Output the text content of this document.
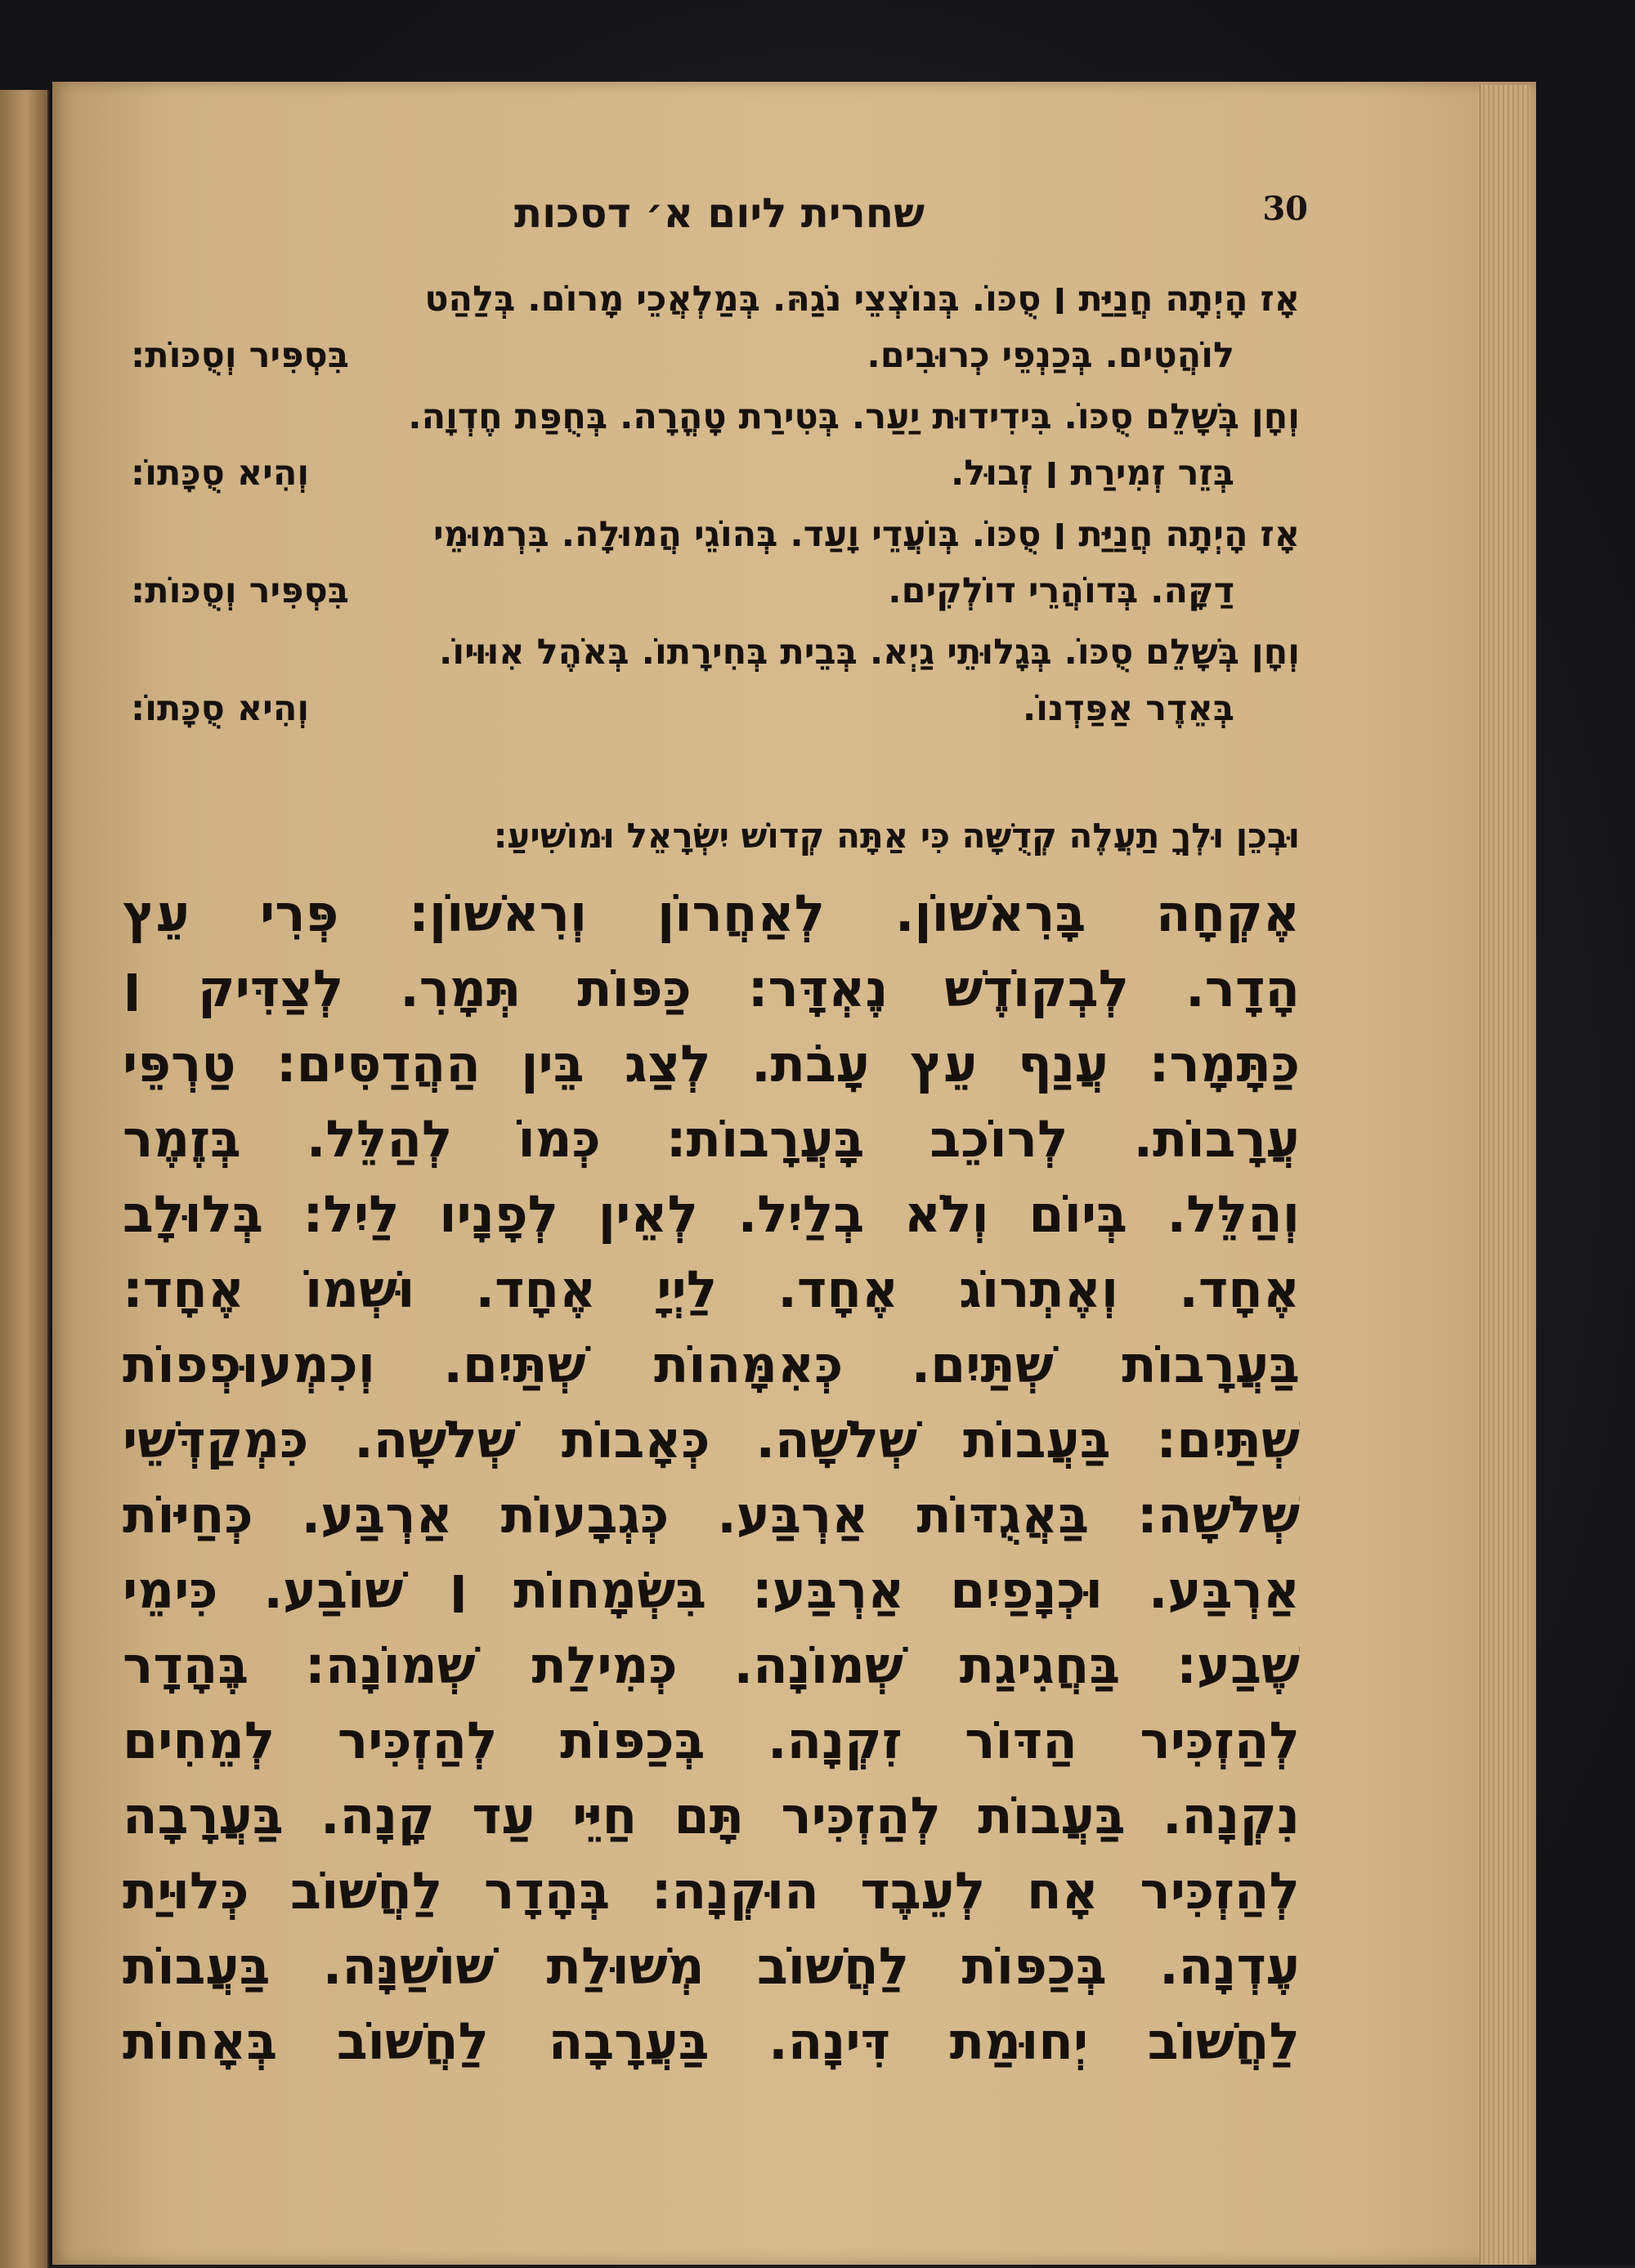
שחרית ליום א׳ דסכות	30
אָז הָיְתָה חֲנַיַּת ׀ סֻכּוֹ. בְּנוֹצְצֵי נֹגַהּ. בְּמַלְאֲכֵי מָרוֹם. בְּלַהַט
לוֹהֲטִים. בְּכַנְפֵי כְרוּבִים.
בִּסְפִּיר וְסֻכּוֹת:
וְחָן בְּשָׁלֵם סֻכּוֹ. בִּידִידוּת יַעַר. בְּטִירַת טָהֳרָה. בְּחֻפַּת חֶדְוָה.
בְּזֵר זְמִירַת ׀ זְבוּל.
וְהִיא סֻכָּתוֹ:
אָז הָיְתָה חֲנַיַּת ׀ סֻכּוֹ. בְּוֹעֲדֵי וָעַד. בְּהוֹגֵי הֲמוּלָה. בִּרְמוּמֵי
דַקָּה. בְּדוֹהֲרֵי דוֹלְקִים.
בִּסְפִּיר וְסֻכּוֹת:
וְחָן בְּשָׁלֵם סֻכּוֹ. בְּגָלוּתֵי גַיְא. בְּבֵית בְּחִירָתוֹ. בְּאֹהֶל אִוּוּיוֹ.
בְּאֵדֶר אַפַּדְנוֹ.
וְהִיא סֻכָּתוֹ:
וּבְכֵן וּלְךָ תַעֲלֶה קְדֻשָּׁה כִּי אַתָּה קְדוֹשׁ יִשְׂרָאֵל וּמוֹשִׁיעַ:
אֶקְחָה בָּרִאשׁוֹן. לְאַחֲרוֹן וְרִאשׁוֹן: פְּרִי עֵץ
הָדָר. לְבְקוֹדֶשׁ נֶאְדָּר: כַּפּוֹת תְּמָרִ. לְצַדִּיק ׀
כַּתָּמָר: עֲנַף עֵץ עָבֹת. לְצַג בֵּין הַהֲדַסִּים: טַרְפֵּי
עֲרָבוֹת. לְרוֹכֵב בָּעֲרָבוֹת: כְּמוֹ לְהַלֵּל. בְּזֶמֶר
וְהַלֵּל. בְּיוֹם וְלֹא בְלַיִל. לְאֵין לְפָנָיו לַיִל: בְּלוּלָב
אֶחָד. וְאֶתְרוֹג אֶחָד. לַיְיָ אֶחָד. וּשְׁמוֹ אֶחָד:
בַּעֲרָבוֹת שְׁתַּיִם. כְּאִמָּהוֹת שְׁתַּיִם. וְכִמְעוּפְפוֹת
שְׁתַּיִם: בַּעֲבוֹת שְׁלֹשָׁה. כְּאָבוֹת שְׁלֹשָׁה. כִּמְקַדְּשֵׁי
שְׁלֹשָׁה: בַּאֲגֻדּוֹת אַרְבַּע. כְּגְבָעוֹת אַרְבַּע. כְּחַיּוֹת
אַרְבַּע. וּכְנָפַיִם אַרְבַּע: בִּשְׂמָחוֹת ׀ שׁוֹבַע. כִּימֵי
שֶׁבַע: בַּחֲגִיגַת שְׁמוֹנָה. כְּמִילַת שְׁמוֹנָה: בֶּהָדָר
לְהַזְכִּיר הַדּוֹר זִקְנָה. בְּכַפּוֹת לְהַזְכִּיר לְמֵחִים
נִקְנָה. בַּעֲבוֹת לְהַזְכִּיר תָּם חַיֵּי עַד קָנָה. בַּעֲרָבָה
לְהַזְכִּיר אָח לְעֵבֶד הוּקְנָה: בְּהָדָר לַחֲשׁוֹב כְּלוּיַת
עֶדְנָה. בְּכַפּוֹת לַחֲשׁוֹב מְשׁוּלַת שׁוֹשַׁנָּה. בַּעֲבוֹת
לַחֲשׁוֹב יְחוּמַת דִּינָה. בַּעֲרָבָה לַחֲשׁוֹב בְּאָחוֹת
